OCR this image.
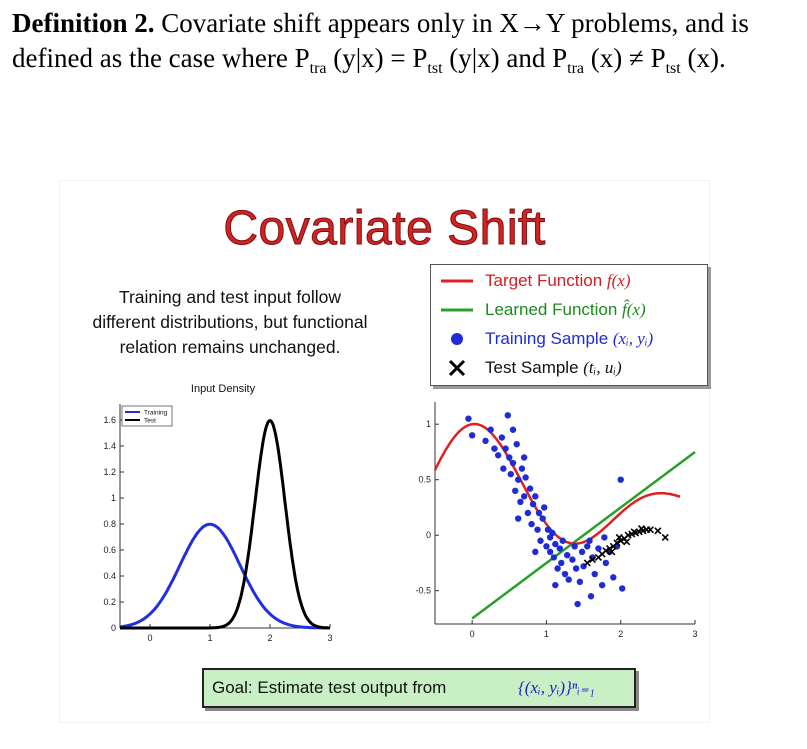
Definition 2. Covariate shift appears only in X→Y problems, and is defined as the case where $P_{tra}$ $(y|x) = P_{tst}$ (y|x) and $P_{tra}$ $(x) \ne P_{tst}$ (x).
Covariate Shift
Training and test input follow
different distributions, but functional
relation remains unchanged.
Target Function f(x)
Learned Function f̂(x)
Training Sample (xᵢ, yᵢ)
Test Sample (tᵢ, uᵢ)
Input Density
0
0.2
0.4
0.6
0.8
1
1.2
1.4
1.6
0	1	2	3
Training
Test
-0.5
0
0.5
1
0	1	2	3
Goal: Estimate test output from	{(xᵢ, yᵢ)}ⁿᵢ₌₁
